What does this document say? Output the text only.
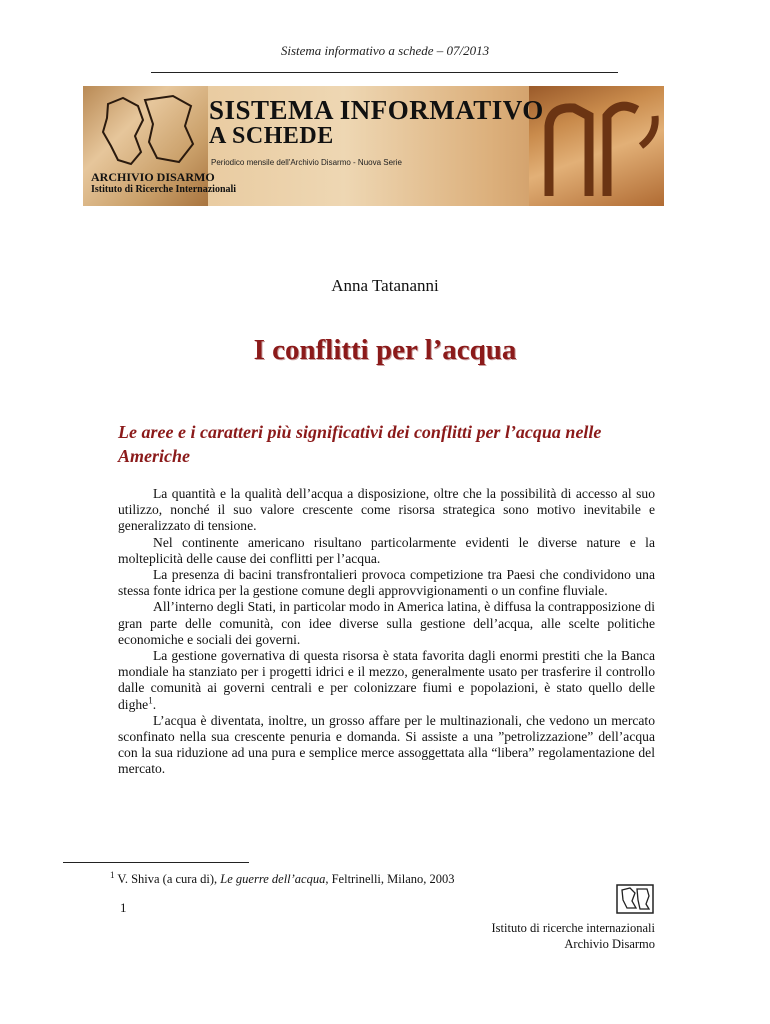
Sistema informativo a schede – 07/2013
SISTEMA INFORMATIVO
A SCHEDE
Periodico mensile dell'Archivio Disarmo - Nuova Serie
ARCHIVIO DISARMO
Istituto di Ricerche Internazionali
Anna Tatananni
I conflitti per l’acqua
Le aree e i caratteri più significativi dei conflitti per l’acqua nelle Americhe

La quantità e la qualità dell’acqua a disposizione, oltre che la possibilità di accesso al suo utilizzo, nonché il suo valore crescente come risorsa strategica sono motivo inevitabile e generalizzato di tensione.

Nel continente americano risultano particolarmente evidenti le diverse nature e la molteplicità delle cause dei conflitti per l’acqua.

La presenza di bacini transfrontalieri provoca competizione tra Paesi che condividono una stessa fonte idrica per la gestione comune degli approvvigionamenti o un confine fluviale.

All’interno degli Stati, in particolar modo in America latina, è diffusa la contrapposizione di gran parte delle comunità, con idee diverse sulla gestione dell’acqua, alle scelte politiche economiche e sociali dei governi.

La gestione governativa di questa risorsa è stata favorita dagli enormi prestiti che la Banca mondiale ha stanziato per i progetti idrici e il mezzo, generalmente usato per trasferire il controllo dalle comunità ai governi centrali e per colonizzare fiumi e popolazioni, è stato quello delle dighe$^1$.

L’acqua è diventata, inoltre, un grosso affare per le multinazionali, che vedono un mercato sconfinato nella sua crescente penuria e domanda. Si assiste a una ”petrolizzazione” dell’acqua con la sua riduzione ad una pura e semplice merce assoggettata alla “libera” regolamentazione del mercato.

$^1$ V. Shiva (a cura di), Le guerre dell’acqua, Feltrinelli, Milano, 2003
1
Istituto di ricerche internazionali
Archivio Disarmo
